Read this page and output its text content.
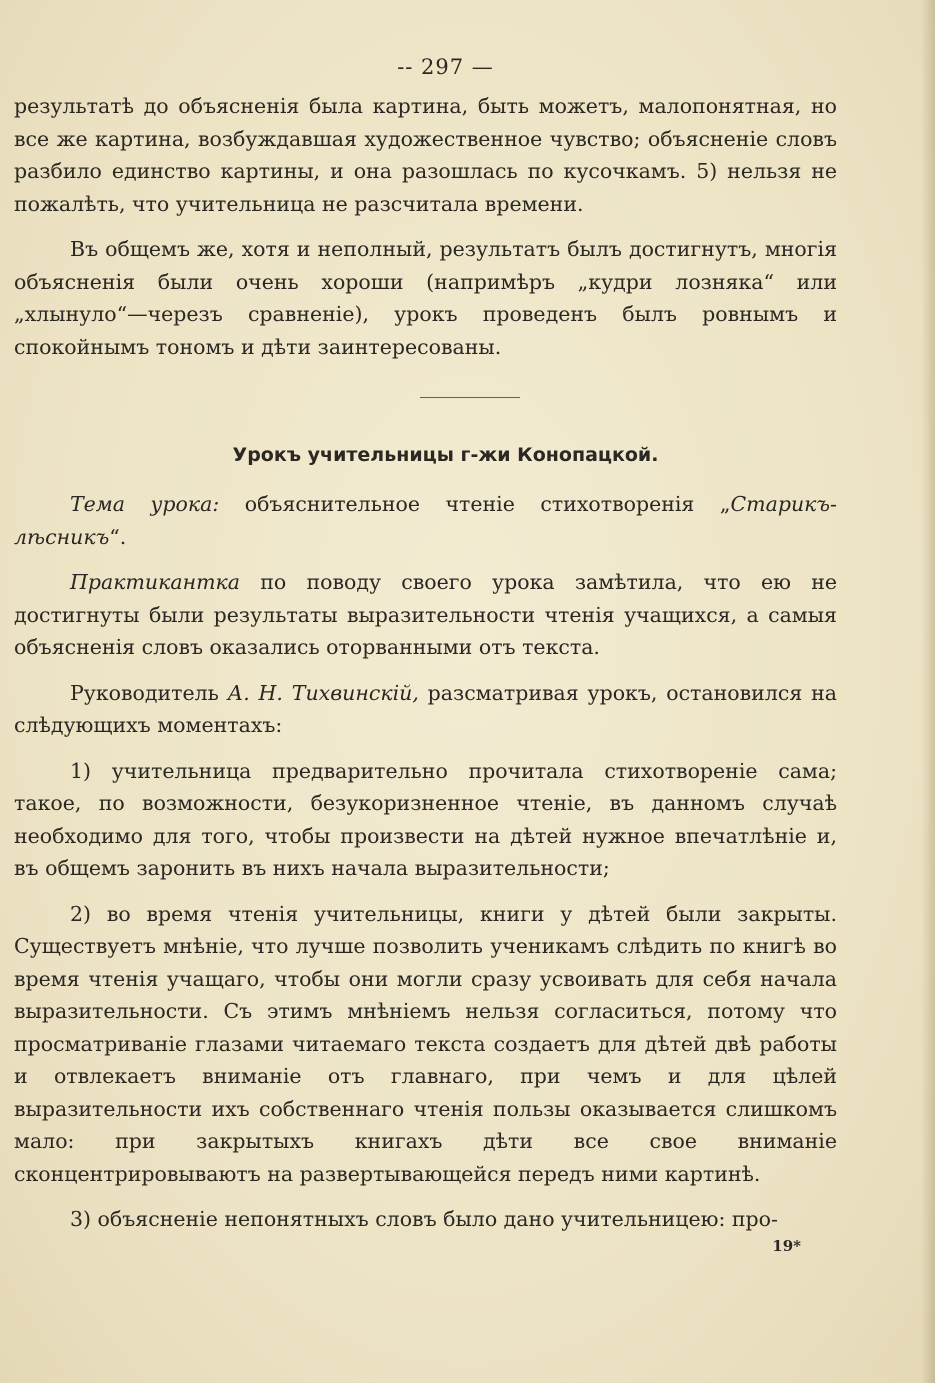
-- 297 —

результатѣ до объясненія была картина, быть можетъ, малопонятная, но все же картина, возбуждавшая художественное чувство; объясненіе словъ разбило единство картины, и она разошлась по кусочкамъ. 5) нельзя не пожалѣть, что учительница не разсчитала времени.

Въ общемъ же, хотя и неполный, результатъ былъ достигнутъ, многія объясненія были очень хороши (напримѣръ „кудри лозняка“ или „хлынуло“—черезъ сравненіе), урокъ проведенъ былъ ровнымъ и спокойнымъ тономъ и дѣти заинтересованы.

Урокъ учительницы г-жи Конопацкой.

Тема урока: объяснительное чтеніе стихотворенія „Старикъ-лѣсникъ“.

Практикантка по поводу своего урока замѣтила, что ею не достигнуты были результаты выразительности чтенія учащихся, а самыя объясненія словъ оказались оторванными отъ текста.

Руководитель А. Н. Тихвинскій, разсматривая урокъ, остановился на слѣдующихъ моментахъ:

1) учительница предварительно прочитала стихотвореніе сама; такое, по возможности, безукоризненное чтеніе, въ данномъ случаѣ необходимо для того, чтобы произвести на дѣтей нужное впечатлѣніе и, въ общемъ заронить въ нихъ начала выразительности;

2) во время чтенія учительницы, книги у дѣтей были закрыты. Существуетъ мнѣніе, что лучше позволить ученикамъ слѣдить по книгѣ во время чтенія учащаго, чтобы они могли сразу усвоивать для себя начала выразительности. Съ этимъ мнѣніемъ нельзя согласиться, потому что просматриваніе глазами читаемаго текста создаетъ для дѣтей двѣ работы и отвлекаетъ вниманіе отъ главнаго, при чемъ и для цѣлей выразительности ихъ собственнаго чтенія пользы оказывается слишкомъ мало: при закрытыхъ книгахъ дѣти все свое вниманіе сконцентрировываютъ на развертывающейся передъ ними картинѣ.

3) объясненіе непонятныхъ словъ было дано учительницею: про-

19*
